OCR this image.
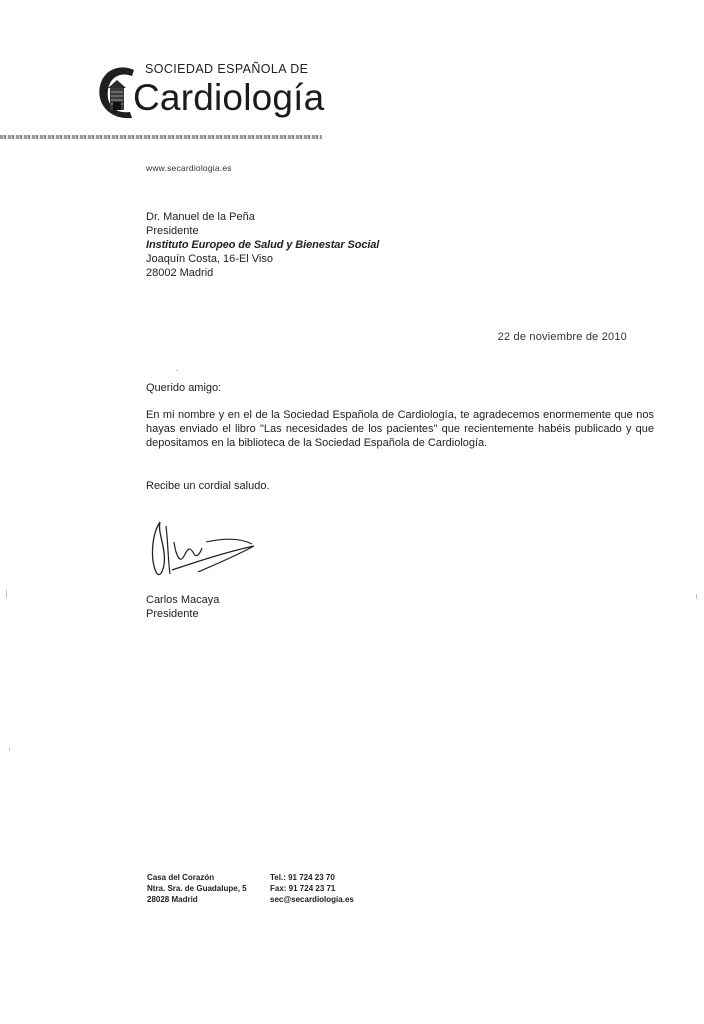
SOCIEDAD ESPAÑOLA DE
Cardiología
www.secardiologia.es
Dr. Manuel de la Peña
Presidente
Instituto Europeo de Salud y Bienestar Social
Joaquín Costa, 16-El Viso
28002 Madrid
22 de noviembre de 2010
Querido amigo:
En mi nombre y en el de la Sociedad Española de Cardiología, te agradecemos enormemente que nos hayas enviado el libro "Las necesidades de los pacientes" que recientemente habéis publicado y que depositamos en la biblioteca de la Sociedad Española de Cardiología.
Recibe un cordial saludo.
Carlos Macaya
Presidente
Casa del Corazón
Ntra. Sra. de Guadalupe, 5
28028 Madrid
Tel.: 91 724 23 70
Fax: 91 724 23 71
sec@secardiologia.es
